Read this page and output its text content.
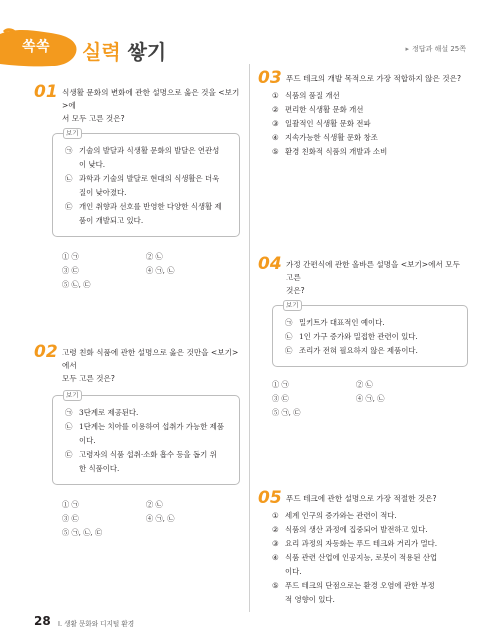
쏙쏙 실력 쌓기	▸ 정답과 해설 25쪽
01 식생활 문화의 변화에 관한 설명으로 옳은 것을 <보기>에
서 모두 고른 것은?
보기
㉠ 기술의 발달과 식생활 문화의 발달은 연관성
이 낮다.
㉡ 과학과 기술의 발달로 현대의 식생활은 더욱
질이 낮아졌다.
㉢ 개인 취향과 선호를 반영한 다양한 식생활 제
품이 개발되고 있다.
① ㉠	② ㉡
③ ㉢	④ ㉠, ㉡
⑤ ㉡, ㉢
02 고령 친화 식품에 관한 설명으로 옳은 것만을 <보기>에서
모두 고른 것은?
보기
㉠ 3단계로 제공된다.
㉡ 1단계는 치아를 이용하여 섭취가 가능한 제품
이다.
㉢ 고령자의 식품 섭취·소화 흡수 등을 돕기 위
한 식품이다.
① ㉠	② ㉡
③ ㉢	④ ㉠, ㉡
⑤ ㉠, ㉡, ㉢
03 푸드 테크의 개발 목적으로 가장 적합하지 않은 것은?
① 식품의 품질 개선
② 편리한 식생활 문화 개선
③ 일괄적인 식생활 문화 전파
④ 지속가능한 식생활 문화 창조
⑤ 환경 친화적 식품의 개발과 소비
04 가정 간편식에 관한 올바른 설명을 <보기>에서 모두 고른
것은?
보기
㉠ 밀키트가 대표적인 예이다.
㉡ 1인 가구 증가와 밀접한 관련이 있다.
㉢ 조리가 전혀 필요하지 않은 제품이다.
① ㉠	② ㉡
③ ㉢	④ ㉠, ㉡
⑤ ㉠, ㉢
05 푸드 테크에 관한 설명으로 가장 적절한 것은?
① 세계 인구의 증가와는 관련이 적다.
② 식품의 생산 과정에 집중되어 발전하고 있다.
③ 요리 과정의 자동화는 푸드 테크와 거리가 멀다.
④ 식품 관련 산업에 인공지능, 로봇이 적용된 산업
이다.
⑤ 푸드 테크의 단점으로는 환경 오염에 관한 부정
적 영향이 있다.
28 Ⅰ. 생활 문화와 디지털 환경
